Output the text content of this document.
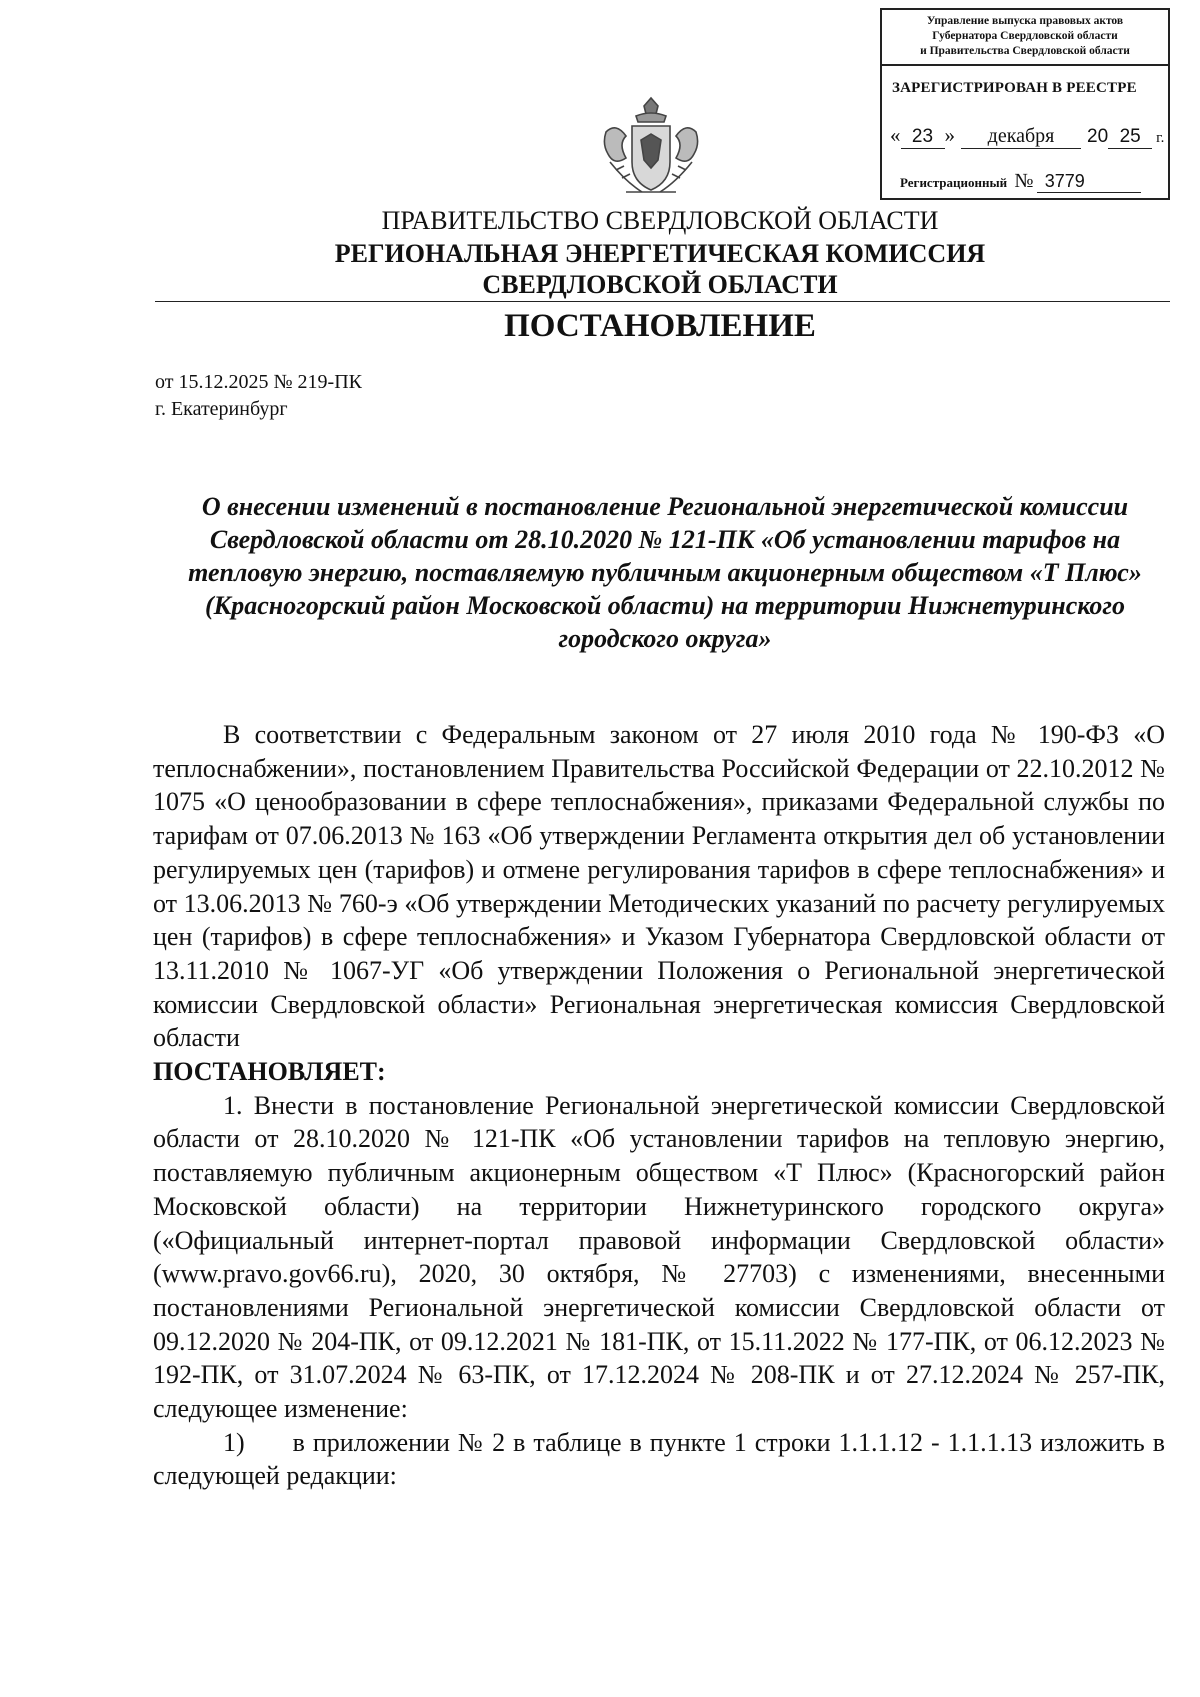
Управление выпуска правовых актов
Губернатора Свердловской области
и Правительства Свердловской области
ЗАРЕГИСТРИРОВАН В РЕЕСТРЕ
« 23 » декабря 20 25 г.
Регистрационный № 3779
ПРАВИТЕЛЬСТВО СВЕРДЛОВСКОЙ ОБЛАСТИ
РЕГИОНАЛЬНАЯ ЭНЕРГЕТИЧЕСКАЯ КОМИССИЯ
СВЕРДЛОВСКОЙ ОБЛАСТИ
ПОСТАНОВЛЕНИЕ
от 15.12.2025 № 219-ПК
г. Екатеринбург
О внесении изменений в постановление Региональной энергетической комиссии Свердловской области от 28.10.2020 № 121-ПК «Об установлении тарифов на тепловую энергию, поставляемую публичным акционерным обществом «Т Плюс» (Красногорский район Московской области) на территории Нижнетуринского городского округа»

В соответствии с Федеральным законом от 27 июля 2010 года № 190-ФЗ «О теплоснабжении», постановлением Правительства Российской Федерации от 22.10.2012 № 1075 «О ценообразовании в сфере теплоснабжения», приказами Федеральной службы по тарифам от 07.06.2013 № 163 «Об утверждении Регламента открытия дел об установлении регулируемых цен (тарифов) и отмене регулирования тарифов в сфере теплоснабжения» и от 13.06.2013 № 760-э «Об утверждении Методических указаний по расчету регулируемых цен (тарифов) в сфере теплоснабжения» и Указом Губернатора Свердловской области от 13.11.2010 № 1067-УГ «Об утверждении Положения о Региональной энергетической комиссии Свердловской области» Региональная энергетическая комиссия Свердловской области

ПОСТАНОВЛЯЕТ:

1. Внести в постановление Региональной энергетической комиссии Свердловской области от 28.10.2020 № 121-ПК «Об установлении тарифов на тепловую энергию, поставляемую публичным акционерным обществом «Т Плюс» (Красногорский район Московской области) на территории Нижнетуринского городского округа» («Официальный интернет-портал правовой информации Свердловской области» (www.pravo.gov66.ru), 2020, 30 октября, № 27703) с изменениями, внесенными постановлениями Региональной энергетической комиссии Свердловской области от 09.12.2020 № 204-ПК, от 09.12.2021 № 181-ПК, от 15.11.2022 № 177-ПК, от 06.12.2023 № 192-ПК, от 31.07.2024 № 63-ПК, от 17.12.2024 № 208-ПК и от 27.12.2024 № 257-ПК, следующее изменение:

1)      в приложении № 2 в таблице в пункте 1 строки 1.1.1.12 - 1.1.1.13 изложить в следующей редакции:
